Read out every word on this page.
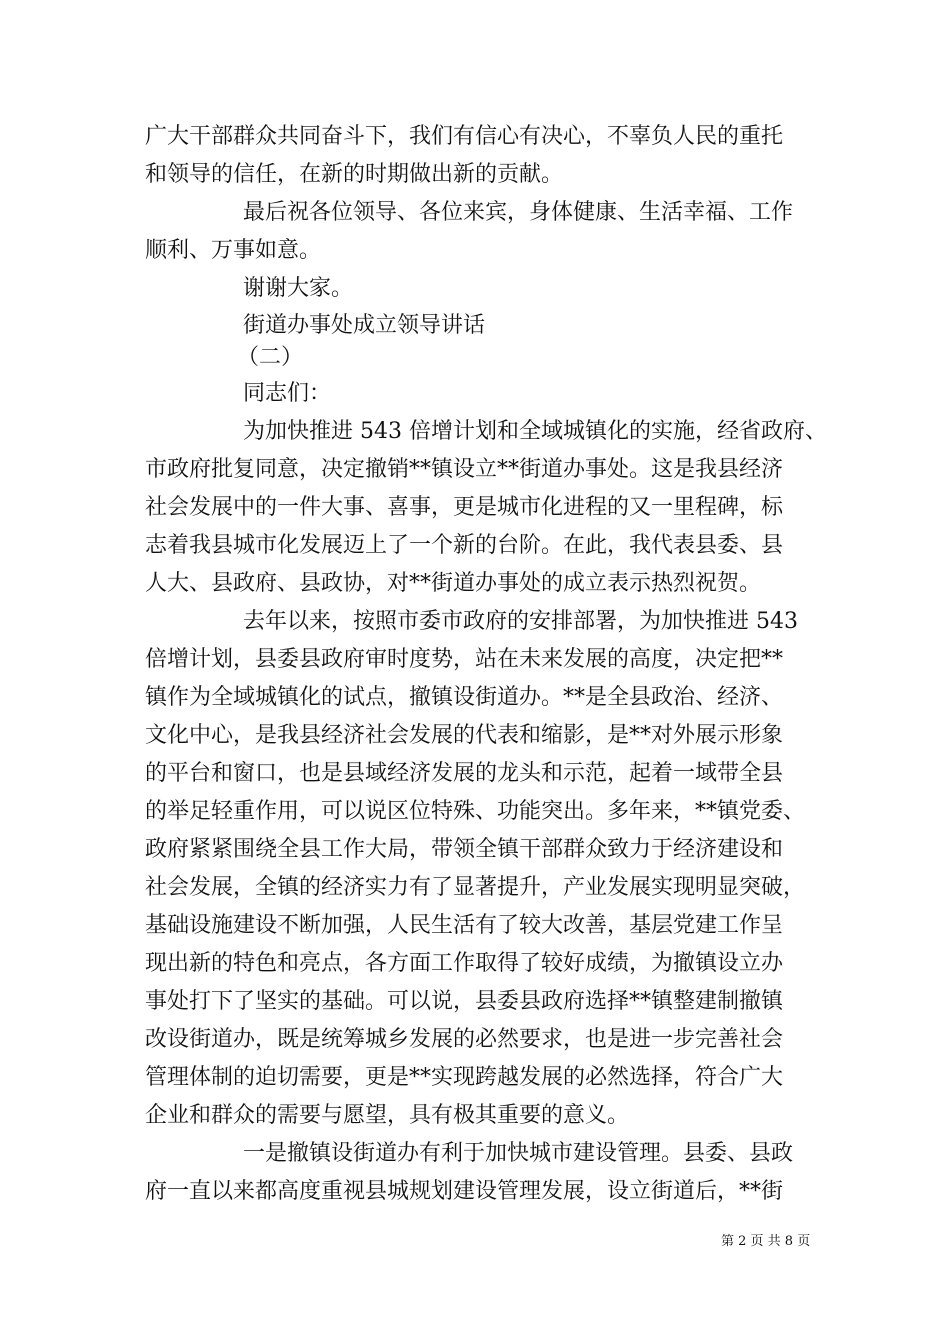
广大干部群众共同奋斗下，我们有信心有决心，不辜负人民的重托
和领导的信任，在新的时期做出新的贡献。
最后祝各位领导、各位来宾，身体健康、生活幸福、工作
顺利、万事如意。
谢谢大家。
街道办事处成立领导讲话
（二）
同志们：
为加快推进 543 倍增计划和全域城镇化的实施，经省政府、
市政府批复同意，决定撤销**镇设立**街道办事处。这是我县经济
社会发展中的一件大事、喜事，更是城市化进程的又一里程碑，标
志着我县城市化发展迈上了一个新的台阶。在此，我代表县委、县
人大、县政府、县政协，对**街道办事处的成立表示热烈祝贺。
去年以来，按照市委市政府的安排部署，为加快推进 543
倍增计划，县委县政府审时度势，站在未来发展的高度，决定把**
镇作为全域城镇化的试点，撤镇设街道办。**是全县政治、经济、
文化中心，是我县经济社会发展的代表和缩影，是**对外展示形象
的平台和窗口，也是县域经济发展的龙头和示范，起着一域带全县
的举足轻重作用，可以说区位特殊、功能突出。多年来，**镇党委、
政府紧紧围绕全县工作大局，带领全镇干部群众致力于经济建设和
社会发展，全镇的经济实力有了显著提升，产业发展实现明显突破，
基础设施建设不断加强，人民生活有了较大改善，基层党建工作呈
现出新的特色和亮点，各方面工作取得了较好成绩，为撤镇设立办
事处打下了坚实的基础。可以说，县委县政府选择**镇整建制撤镇
改设街道办，既是统筹城乡发展的必然要求，也是进一步完善社会
管理体制的迫切需要，更是**实现跨越发展的必然选择，符合广大
企业和群众的需要与愿望，具有极其重要的意义。
一是撤镇设街道办有利于加快城市建设管理。县委、县政
府一直以来都高度重视县城规划建设管理发展，设立街道后，**街
第 2 页 共 8 页
